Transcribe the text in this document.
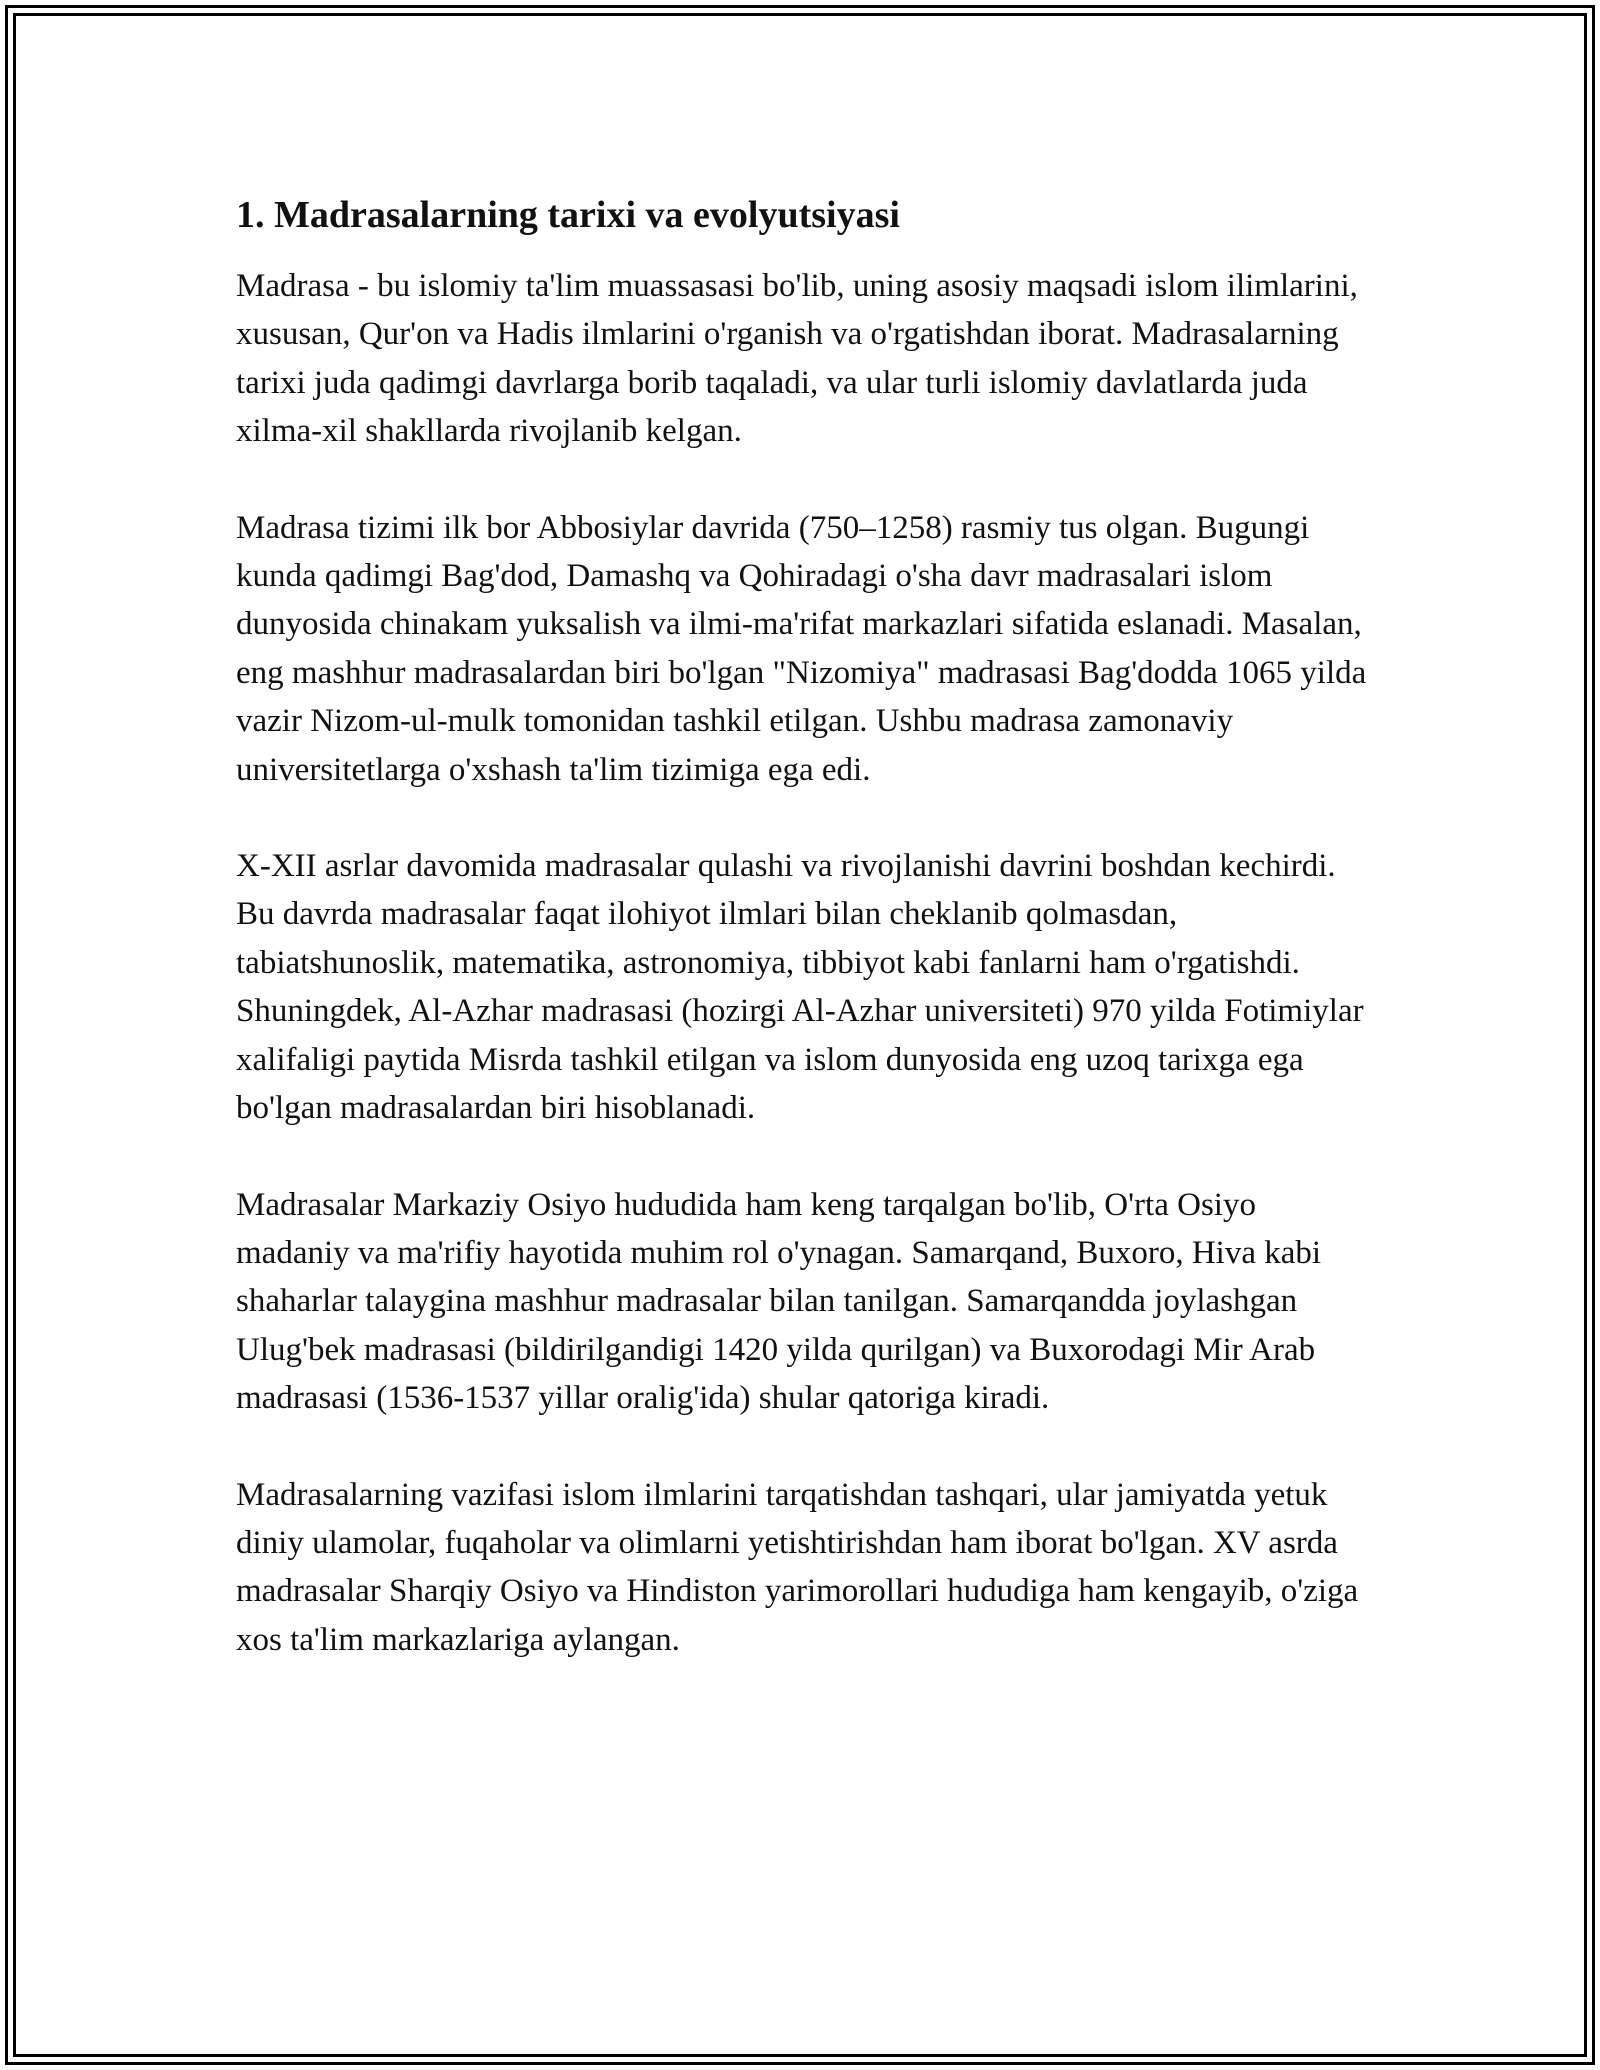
1. Madrasalarning tarixi va evolyutsiyasi

Madrasa - bu islomiy ta'lim muassasasi bo'lib, uning asosiy maqsadi islom ilimlarini, xususan, Qur'on va Hadis ilmlarini o'rganish va o'rgatishdan iborat. Madrasalarning tarixi juda qadimgi davrlarga borib taqaladi, va ular turli islomiy davlatlarda juda xilma-xil shakllarda rivojlanib kelgan.

Madrasa tizimi ilk bor Abbosiylar davrida (750–1258) rasmiy tus olgan. Bugungi kunda qadimgi Bag'dod, Damashq va Qohiradagi o'sha davr madrasalari islom dunyosida chinakam yuksalish va ilmi-ma'rifat markazlari sifatida eslanadi. Masalan, eng mashhur madrasalardan biri bo'lgan "Nizomiya" madrasasi Bag'dodda 1065 yilda vazir Nizom-ul-mulk tomonidan tashkil etilgan. Ushbu madrasa zamonaviy universitetlarga o'xshash ta'lim tizimiga ega edi.

X-XII asrlar davomida madrasalar qulashi va rivojlanishi davrini boshdan kechirdi. Bu davrda madrasalar faqat ilohiyot ilmlari bilan cheklanib qolmasdan, tabiatshunoslik, matematika, astronomiya, tibbiyot kabi fanlarni ham o'rgatishdi. Shuningdek, Al-Azhar madrasasi (hozirgi Al-Azhar universiteti) 970 yilda Fotimiylar xalifaligi paytida Misrda tashkil etilgan va islom dunyosida eng uzoq tarixga ega bo'lgan madrasalardan biri hisoblanadi.

Madrasalar Markaziy Osiyo hududida ham keng tarqalgan bo'lib, O'rta Osiyo madaniy va ma'rifiy hayotida muhim rol o'ynagan. Samarqand, Buxoro, Hiva kabi shaharlar talaygina mashhur madrasalar bilan tanilgan. Samarqandda joylashgan Ulug'bek madrasasi (bildirilgandigi 1420 yilda qurilgan) va Buxorodagi Mir Arab madrasasi (1536-1537 yillar oralig'ida) shular qatoriga kiradi.

Madrasalarning vazifasi islom ilmlarini tarqatishdan tashqari, ular jamiyatda yetuk diniy ulamolar, fuqaholar va olimlarni yetishtirishdan ham iborat bo'lgan. XV asrda madrasalar Sharqiy Osiyo va Hindiston yarimorollari hududiga ham kengayib, o'ziga xos ta'lim markazlariga aylangan.
